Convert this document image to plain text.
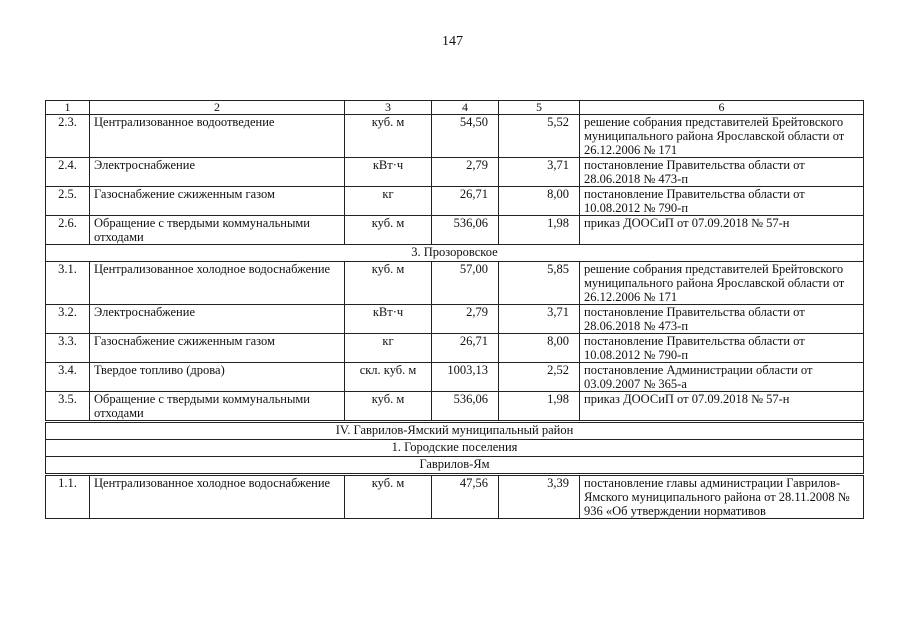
147
1	2	3	4	5	6
2.3.	Централизованное водоотведение	куб. м	54,50	5,52	решение собрания представителей Брейтовского муниципального района Ярославской области от 26.12.2006 № 171
2.4.	Электроснабжение	кВт·ч	2,79	3,71	постановление Правительства области от 28.06.2018 № 473-п
2.5.	Газоснабжение сжиженным газом	кг	26,71	8,00	постановление Правительства области от 10.08.2012 № 790-п
2.6.	Обращение с твердыми коммунальными отходами	куб. м	536,06	1,98	приказ ДООСиП от 07.09.2018 № 57-н
3. Прозоровское					
3.1.	Централизованное холодное водоснабжение	куб. м	57,00	5,85	решение собрания представителей Брейтовского муниципального района Ярославской области от 26.12.2006 № 171
3.2.	Электроснабжение	кВт·ч	2,79	3,71	постановление Правительства области от 28.06.2018 № 473-п
3.3.	Газоснабжение сжиженным газом	кг	26,71	8,00	постановление Правительства области от 10.08.2012 № 790-п
3.4.	Твердое топливо (дрова)	скл. куб. м	1003,13	2,52	постановление Администрации области от 03.09.2007 № 365-а
3.5.	Обращение с твердыми коммунальными отходами	куб. м	536,06	1,98	приказ ДООСиП от 07.09.2018 № 57-н
IV. Гаврилов-Ямский муниципальный район					
1. Городские поселения					
Гаврилов-Ям					
1.1.	Централизованное холодное водоснабжение	куб. м	47,56	3,39	постановление главы администрации Гаврилов-Ямского муниципального района от 28.11.2008 № 936 «Об утверждении нормативов
